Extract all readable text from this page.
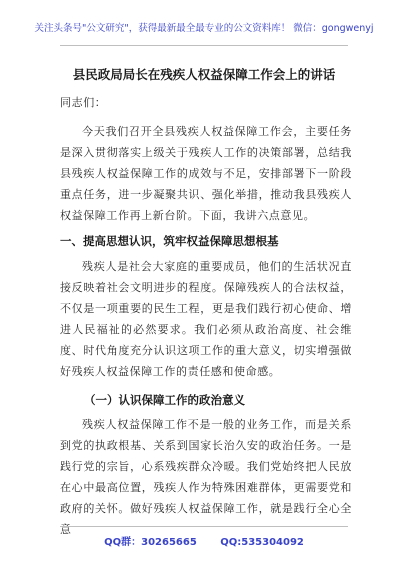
关注头条号"公文研究"，获得最新最全最专业的公文资料库！ 微信：gongwenyj
县民政局局长在残疾人权益保障工作会上的讲话
同志们：
今天我们召开全县残疾人权益保障工作会，主要任务是深入贯彻落实上级关于残疾人工作的决策部署，总结我县残疾人权益保障工作的成效与不足，安排部署下一阶段重点任务，进一步凝聚共识、强化举措，推动我县残疾人权益保障工作再上新台阶。下面，我讲六点意见。
一、提高思想认识，筑牢权益保障思想根基
残疾人是社会大家庭的重要成员，他们的生活状况直接反映着社会文明进步的程度。保障残疾人的合法权益，不仅是一项重要的民生工程，更是我们践行初心使命、增进人民福祉的必然要求。我们必须从政治高度、社会维度、时代角度充分认识这项工作的重大意义，切实增强做好残疾人权益保障工作的责任感和使命感。
（一）认识保障工作的政治意义
残疾人权益保障工作不是一般的业务工作，而是关系到党的执政根基、关系到国家长治久安的政治任务。一是践行党的宗旨，心系残疾群众冷暖。我们党始终把人民放在心中最高位置，残疾人作为特殊困难群体，更需要党和政府的关怀。做好残疾人权益保障工作，就是践行全心全意
QQ群：30265665 QQ:535304092
